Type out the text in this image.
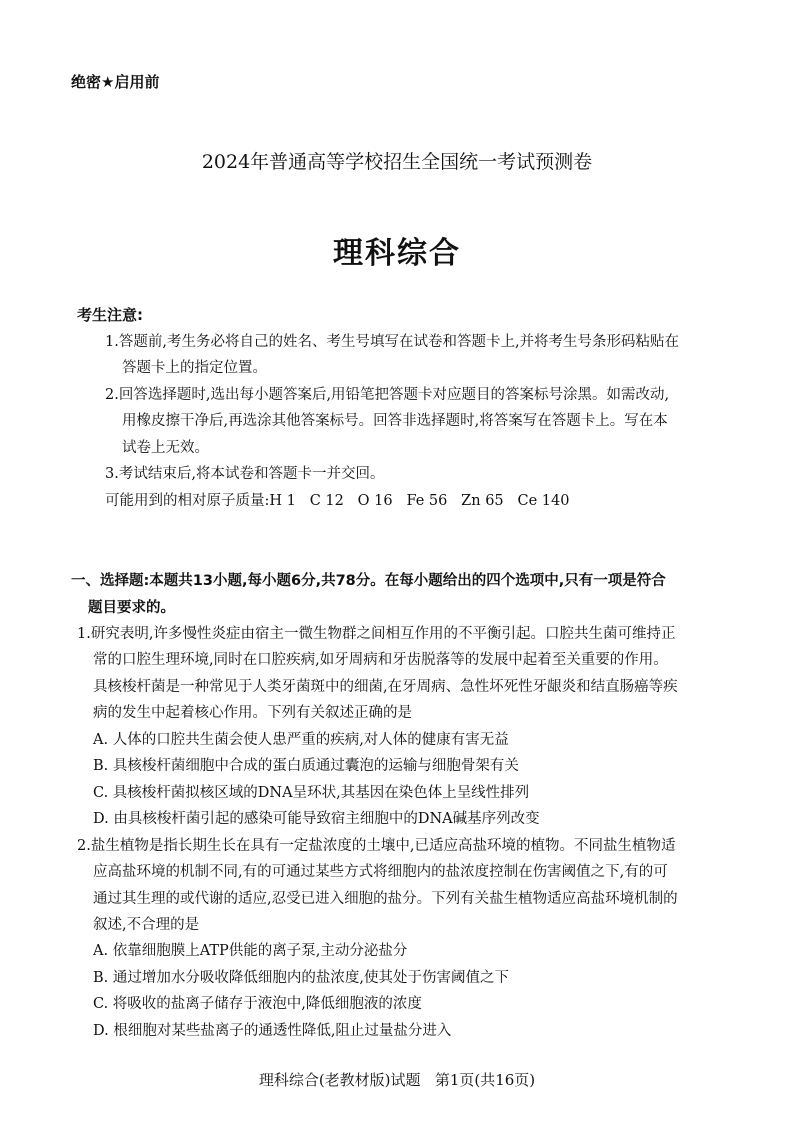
绝密★启用前
2024年普通高等学校招生全国统一考试预测卷
理科综合
考生注意:
1.答题前,考生务必将自己的姓名、考生号填写在试卷和答题卡上,并将考生号条形码粘贴在
答题卡上的指定位置。
2.回答选择题时,选出每小题答案后,用铅笔把答题卡对应题目的答案标号涂黑。如需改动,
用橡皮擦干净后,再选涂其他答案标号。回答非选择题时,将答案写在答题卡上。写在本
试卷上无效。
3.考试结束后,将本试卷和答题卡一并交回。
可能用到的相对原子质量:H 1   C 12   O 16   Fe 56   Zn 65   Ce 140
一、选择题:本题共13小题,每小题6分,共78分。在每小题给出的四个选项中,只有一项是符合
题目要求的。
1.研究表明,许多慢性炎症由宿主一微生物群之间相互作用的不平衡引起。口腔共生菌可维持正
常的口腔生理环境,同时在口腔疾病,如牙周病和牙齿脱落等的发展中起着至关重要的作用。
具核梭杆菌是一种常见于人类牙菌斑中的细菌,在牙周病、急性坏死性牙龈炎和结直肠癌等疾
病的发生中起着核心作用。下列有关叙述正确的是
A. 人体的口腔共生菌会使人患严重的疾病,对人体的健康有害无益
B. 具核梭杆菌细胞中合成的蛋白质通过囊泡的运输与细胞骨架有关
C. 具核梭杆菌拟核区域的DNA呈环状,其基因在染色体上呈线性排列
D. 由具核梭杆菌引起的感染可能导致宿主细胞中的DNA碱基序列改变
2.盐生植物是指长期生长在具有一定盐浓度的土壤中,已适应高盐环境的植物。不同盐生植物适
应高盐环境的机制不同,有的可通过某些方式将细胞内的盐浓度控制在伤害阈值之下,有的可
通过其生理的或代谢的适应,忍受已进入细胞的盐分。下列有关盐生植物适应高盐环境机制的
叙述,不合理的是
A. 依靠细胞膜上ATP供能的离子泵,主动分泌盐分
B. 通过增加水分吸收降低细胞内的盐浓度,使其处于伤害阈值之下
C. 将吸收的盐离子储存于液泡中,降低细胞液的浓度
D. 根细胞对某些盐离子的通透性降低,阻止过量盐分进入
理科综合(老教材版)试题   第1页(共16页)
